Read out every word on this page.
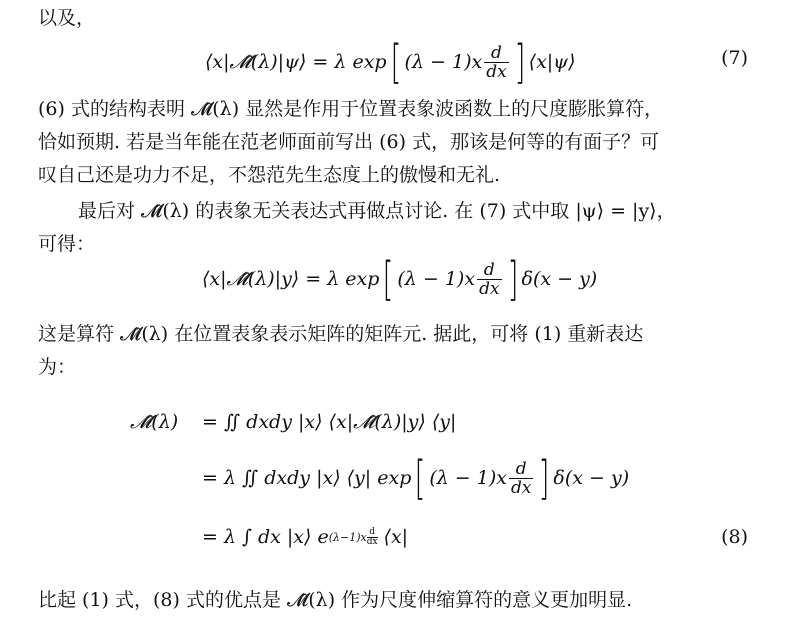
以及，
⟨x|𝓜̂(λ)|ψ⟩ = λ exp [ $(\lambda - 1)x \frac{d}{dx}$ ] ⟨x|ψ⟩	(7)
(6) 式的结构表明 𝓜̂(λ) 显然是作用于位置表象波函数上的尺度膨胀算符，
恰如预期. 若是当年能在范老师面前写出 (6) 式，那该是何等的有面子？可
叹自己还是功力不足，不怨范先生态度上的傲慢和无礼.
最后对 𝓜̂(λ) 的表象无关表达式再做点讨论. 在 (7) 式中取 |ψ⟩ = |y⟩，
可得：
⟨x|𝓜̂(λ)|y⟩ = λ exp [ $(\lambda - 1)x \frac{d}{dx}$ ] δ(x − y)
这是算符 𝓜̂(λ) 在位置表象表示矩阵的矩阵元. 据此，可将 (1) 重新表达
为：
𝓜̂(λ)	= ∬ dxdy |x⟩ ⟨x|𝓜̂(λ)|y⟩ ⟨y|
= λ ∬ dxdy |x⟩ ⟨y| exp [ $(\lambda - 1)x \frac{d}{dx}$ ] δ(x − y)
= λ ∫ dx |x⟩ e $(\lambda-1)x \frac{d}{dx}$ ⟨x|	(8)
比起 (1) 式，(8) 式的优点是 𝓜̂(λ) 作为尺度伸缩算符的意义更加明显.
